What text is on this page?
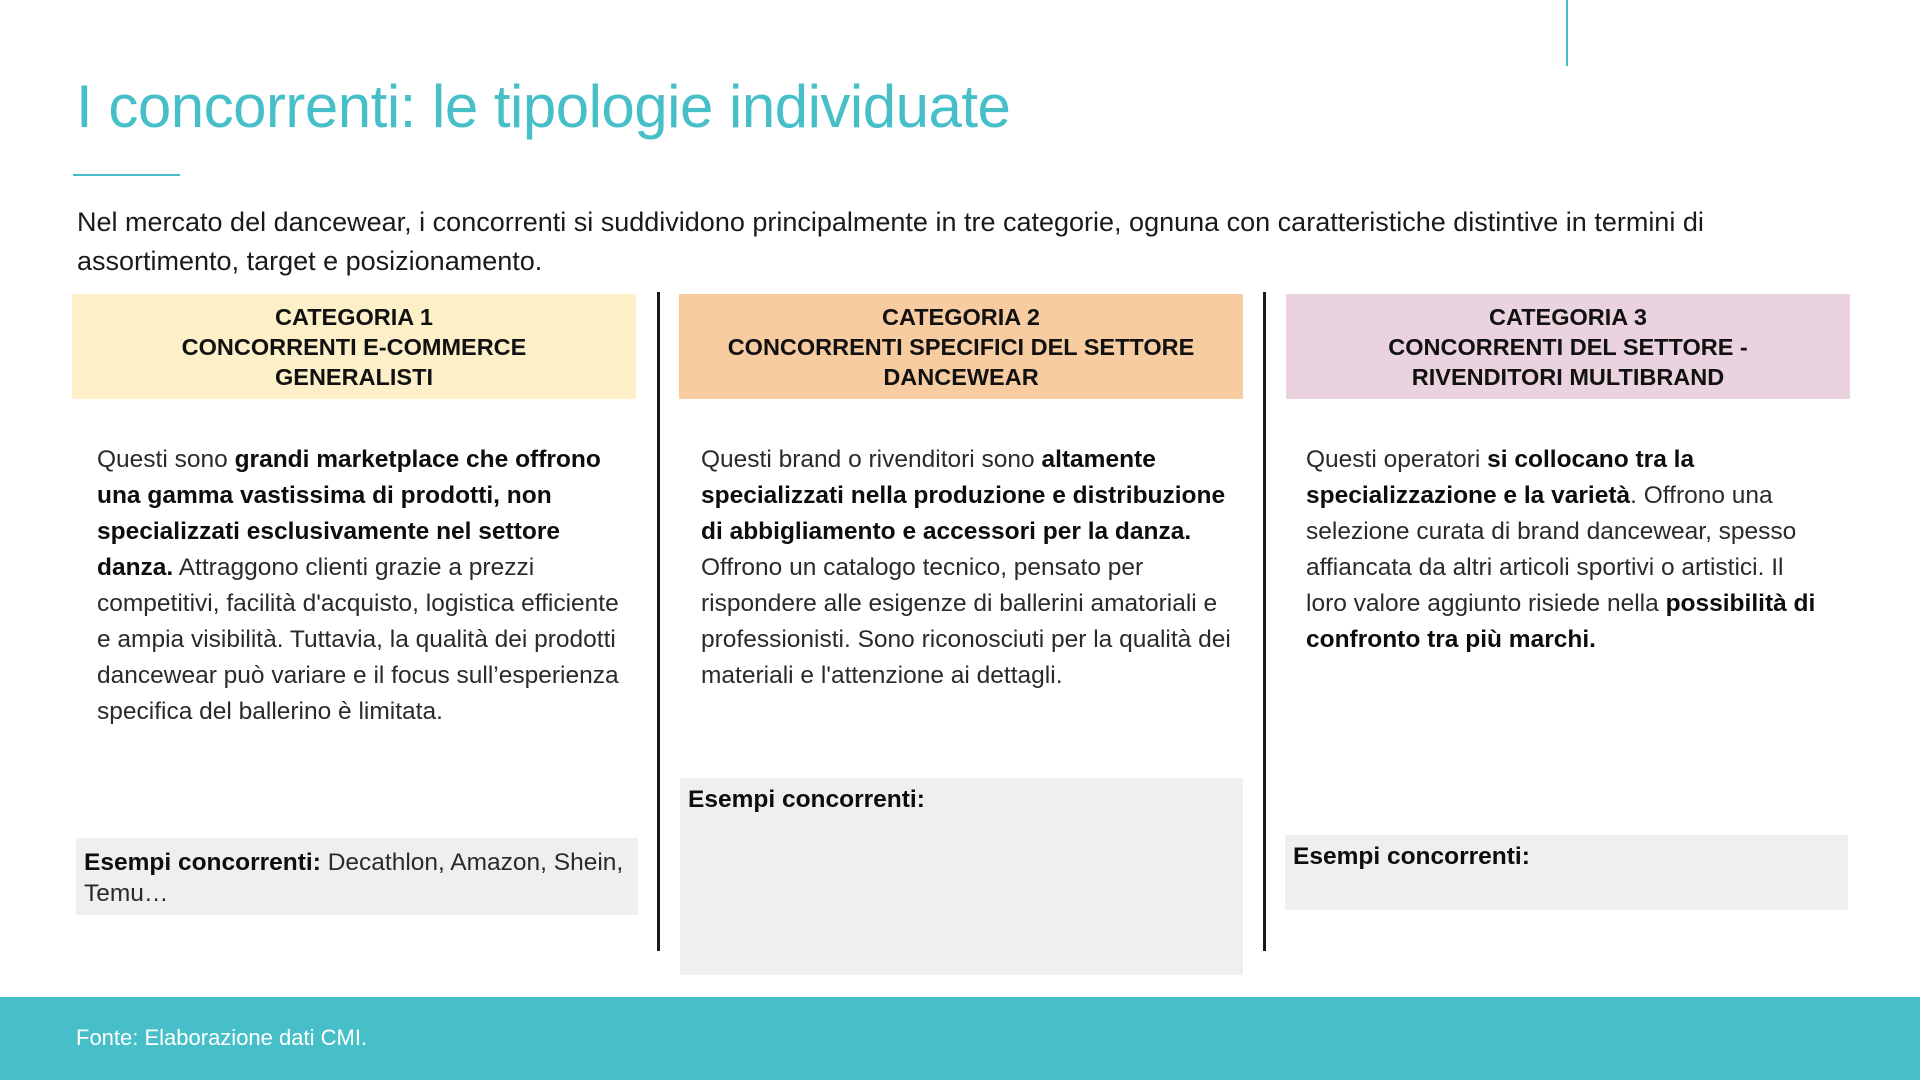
I concorrenti: le tipologie individuate

Nel mercato del dancewear, i concorrenti si suddividono principalmente in tre categorie, ognuna con caratteristiche distintive in termini di assortimento, target e posizionamento.

CATEGORIA 1
CONCORRENTI E-COMMERCE
GENERALISTI
CATEGORIA 2
CONCORRENTI SPECIFICI DEL SETTORE
DANCEWEAR
CATEGORIA 3
CONCORRENTI DEL SETTORE -
RIVENDITORI MULTIBRAND

Questi sono grandi marketplace che offrono una gamma vastissima di prodotti, non specializzati esclusivamente nel settore danza. Attraggono clienti grazie a prezzi competitivi, facilità d'acquisto, logistica efficiente e ampia visibilità. Tuttavia, la qualità dei prodotti dancewear può variare e il focus sull’esperienza specifica del ballerino è limitata.

Questi brand o rivenditori sono altamente specializzati nella produzione e distribuzione di abbigliamento e accessori per la danza. Offrono un catalogo tecnico, pensato per rispondere alle esigenze di ballerini amatoriali e professionisti. Sono riconosciuti per la qualità dei materiali e l'attenzione ai dettagli.

Questi operatori si collocano tra la specializzazione e la varietà. Offrono una selezione curata di brand dancewear, spesso affiancata da altri articoli sportivi o artistici. Il loro valore aggiunto risiede nella possibilità di confronto tra più marchi.

Esempi concorrenti: Decathlon, Amazon, Shein, Temu…
Esempi concorrenti:
Esempi concorrenti:
Fonte: Elaborazione dati CMI.
